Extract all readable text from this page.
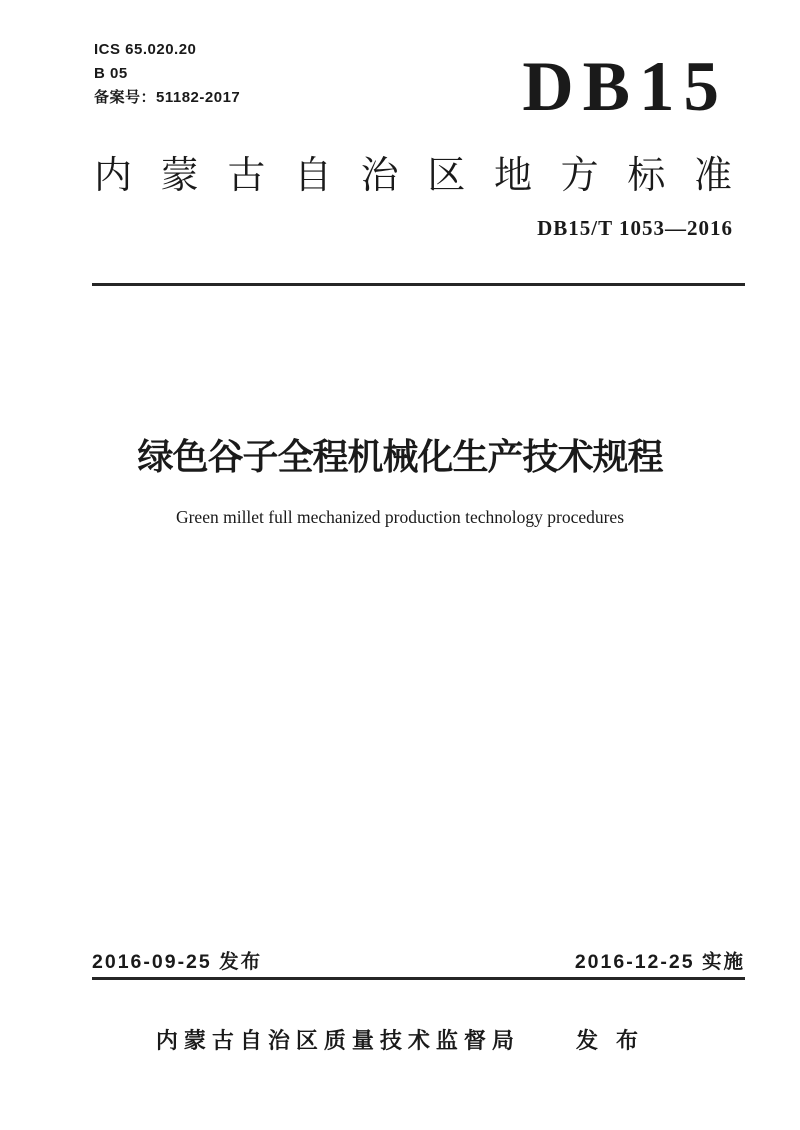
ICS 65.020.20
B 05
备案号：51182-2017	DB15
内蒙古自治区地方标准
DB15/T 1053—2016
绿色谷子全程机械化生产技术规程
Green millet full mechanized production technology procedures
2016-09-25 发布	2016-12-25 实施
内蒙古自治区质量技术监督局	发 布
